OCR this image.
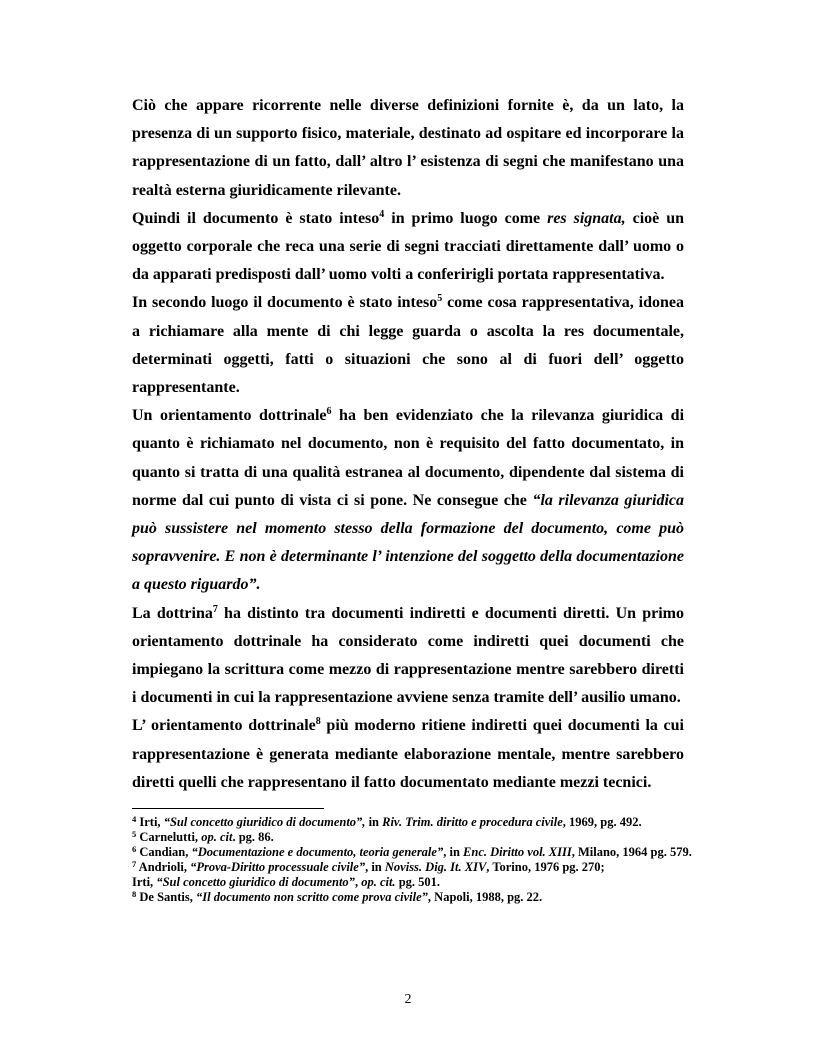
Ciò che appare ricorrente nelle diverse definizioni fornite è, da un lato, la presenza di un supporto fisico, materiale, destinato ad ospitare ed incorporare la rappresentazione di un fatto, dall’ altro l’ esistenza di segni che manifestano una realtà esterna giuridicamente rilevante.

Quindi il documento è stato inteso$^4$ in primo luogo come res signata, cioè un oggetto corporale che reca una serie di segni tracciati direttamente dall’ uomo o da apparati predisposti dall’ uomo volti a conferirigli portata rappresentativa.

In secondo luogo il documento è stato inteso$^5$ come cosa rappresentativa, idonea a richiamare alla mente di chi legge guarda o ascolta la res documentale, determinati oggetti, fatti o situazioni che sono al di fuori dell’ oggetto rappresentante.

Un orientamento dottrinale$^6$ ha ben evidenziato che la rilevanza giuridica di quanto è richiamato nel documento, non è requisito del fatto documentato, in quanto si tratta di una qualità estranea al documento, dipendente dal sistema di norme dal cui punto di vista ci si pone. Ne consegue che “la rilevanza giuridica può sussistere nel momento stesso della formazione del documento, come può sopravvenire. E non è determinante l’ intenzione del soggetto della documentazione a questo riguardo”.

La dottrina$^7$ ha distinto tra documenti indiretti e documenti diretti. Un primo orientamento dottrinale ha considerato come indiretti quei documenti che impiegano la scrittura come mezzo di rappresentazione mentre sarebbero diretti i documenti in cui la rappresentazione avviene senza tramite dell’ ausilio umano.

L’ orientamento dottrinale$^8$ più moderno ritiene indiretti quei documenti la cui rappresentazione è generata mediante elaborazione mentale, mentre sarebbero diretti quelli che rappresentano il fatto documentato mediante mezzi tecnici.

$^4$ Irti, “Sul concetto giuridico di documento”, in Riv. Trim. diritto e procedura civile, 1969, pg. 492.
$^5$ Carnelutti, op. cit. pg. 86.
$^6$ Candian, “Documentazione e documento, teoria generale”, in Enc. Diritto vol. XIII, Milano, 1964 pg. 579.
$^7$ Andrioli, “Prova-Diritto processuale civile”, in Noviss. Dig. It. XIV, Torino, 1976 pg. 270;
Irti, “Sul concetto giuridico di documento”, op. cit. pg. 501.
$^8$ De Santis, “Il documento non scritto come prova civile”, Napoli, 1988, pg. 22.
2
